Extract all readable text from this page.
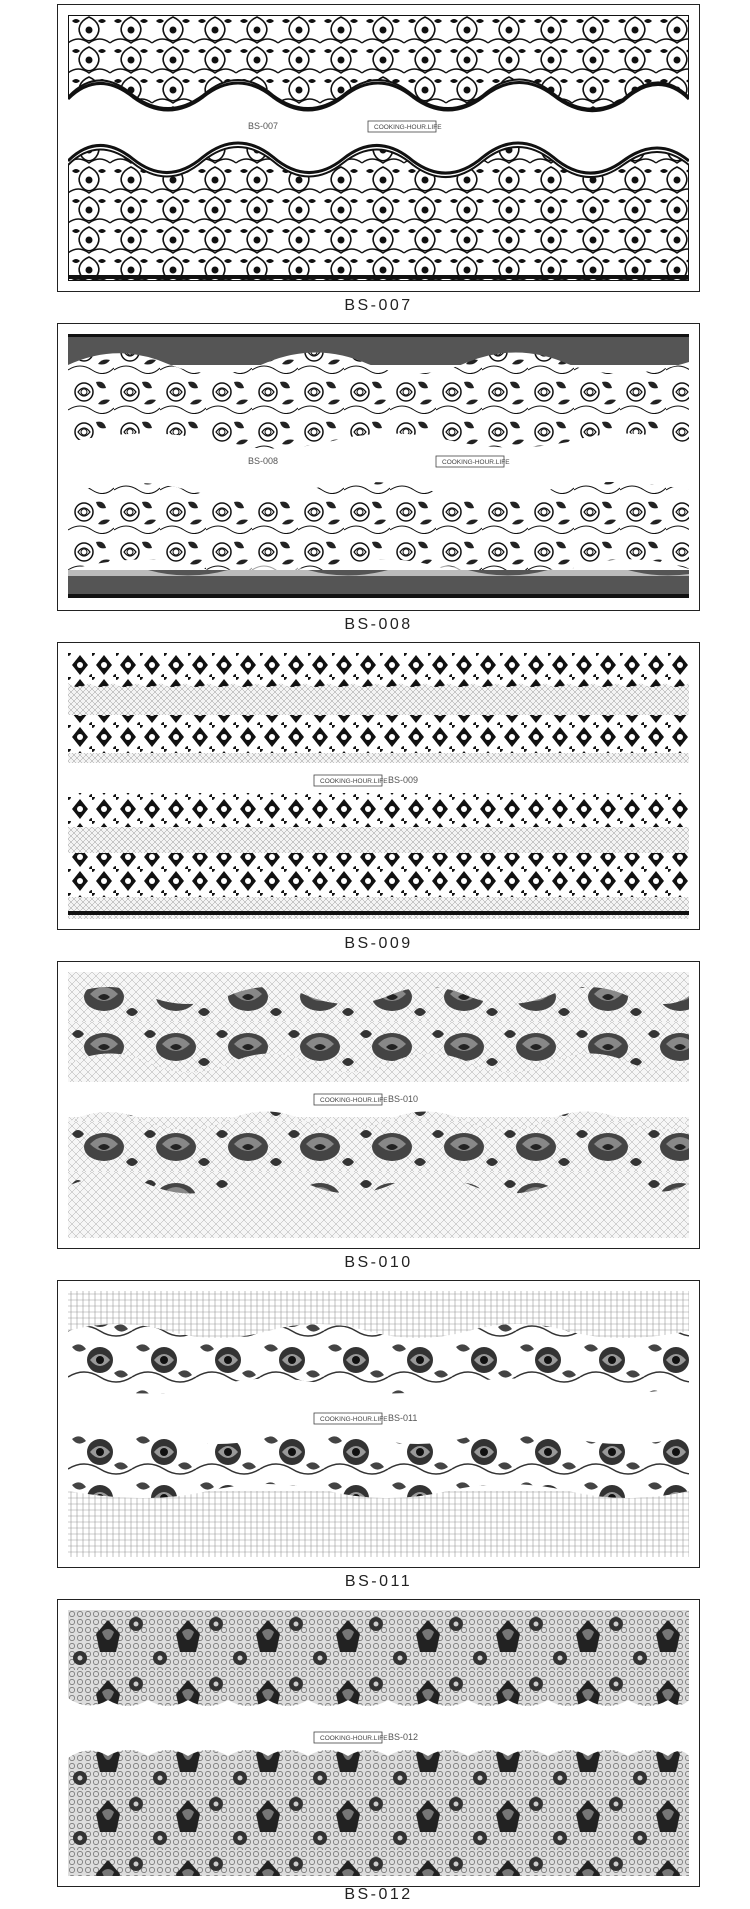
BS-007	COOKING-HOUR.LIFE
BS-007
BS-008	COOKING-HOUR.LIFE
BS-008
BS-009
COOKING-HOUR.LIFE
BS-009
BS-010
COOKING-HOUR.LIFE
BS-010
BS-011
COOKING-HOUR.LIFE
BS-011
BS-012
COOKING-HOUR.LIFE
BS-012
